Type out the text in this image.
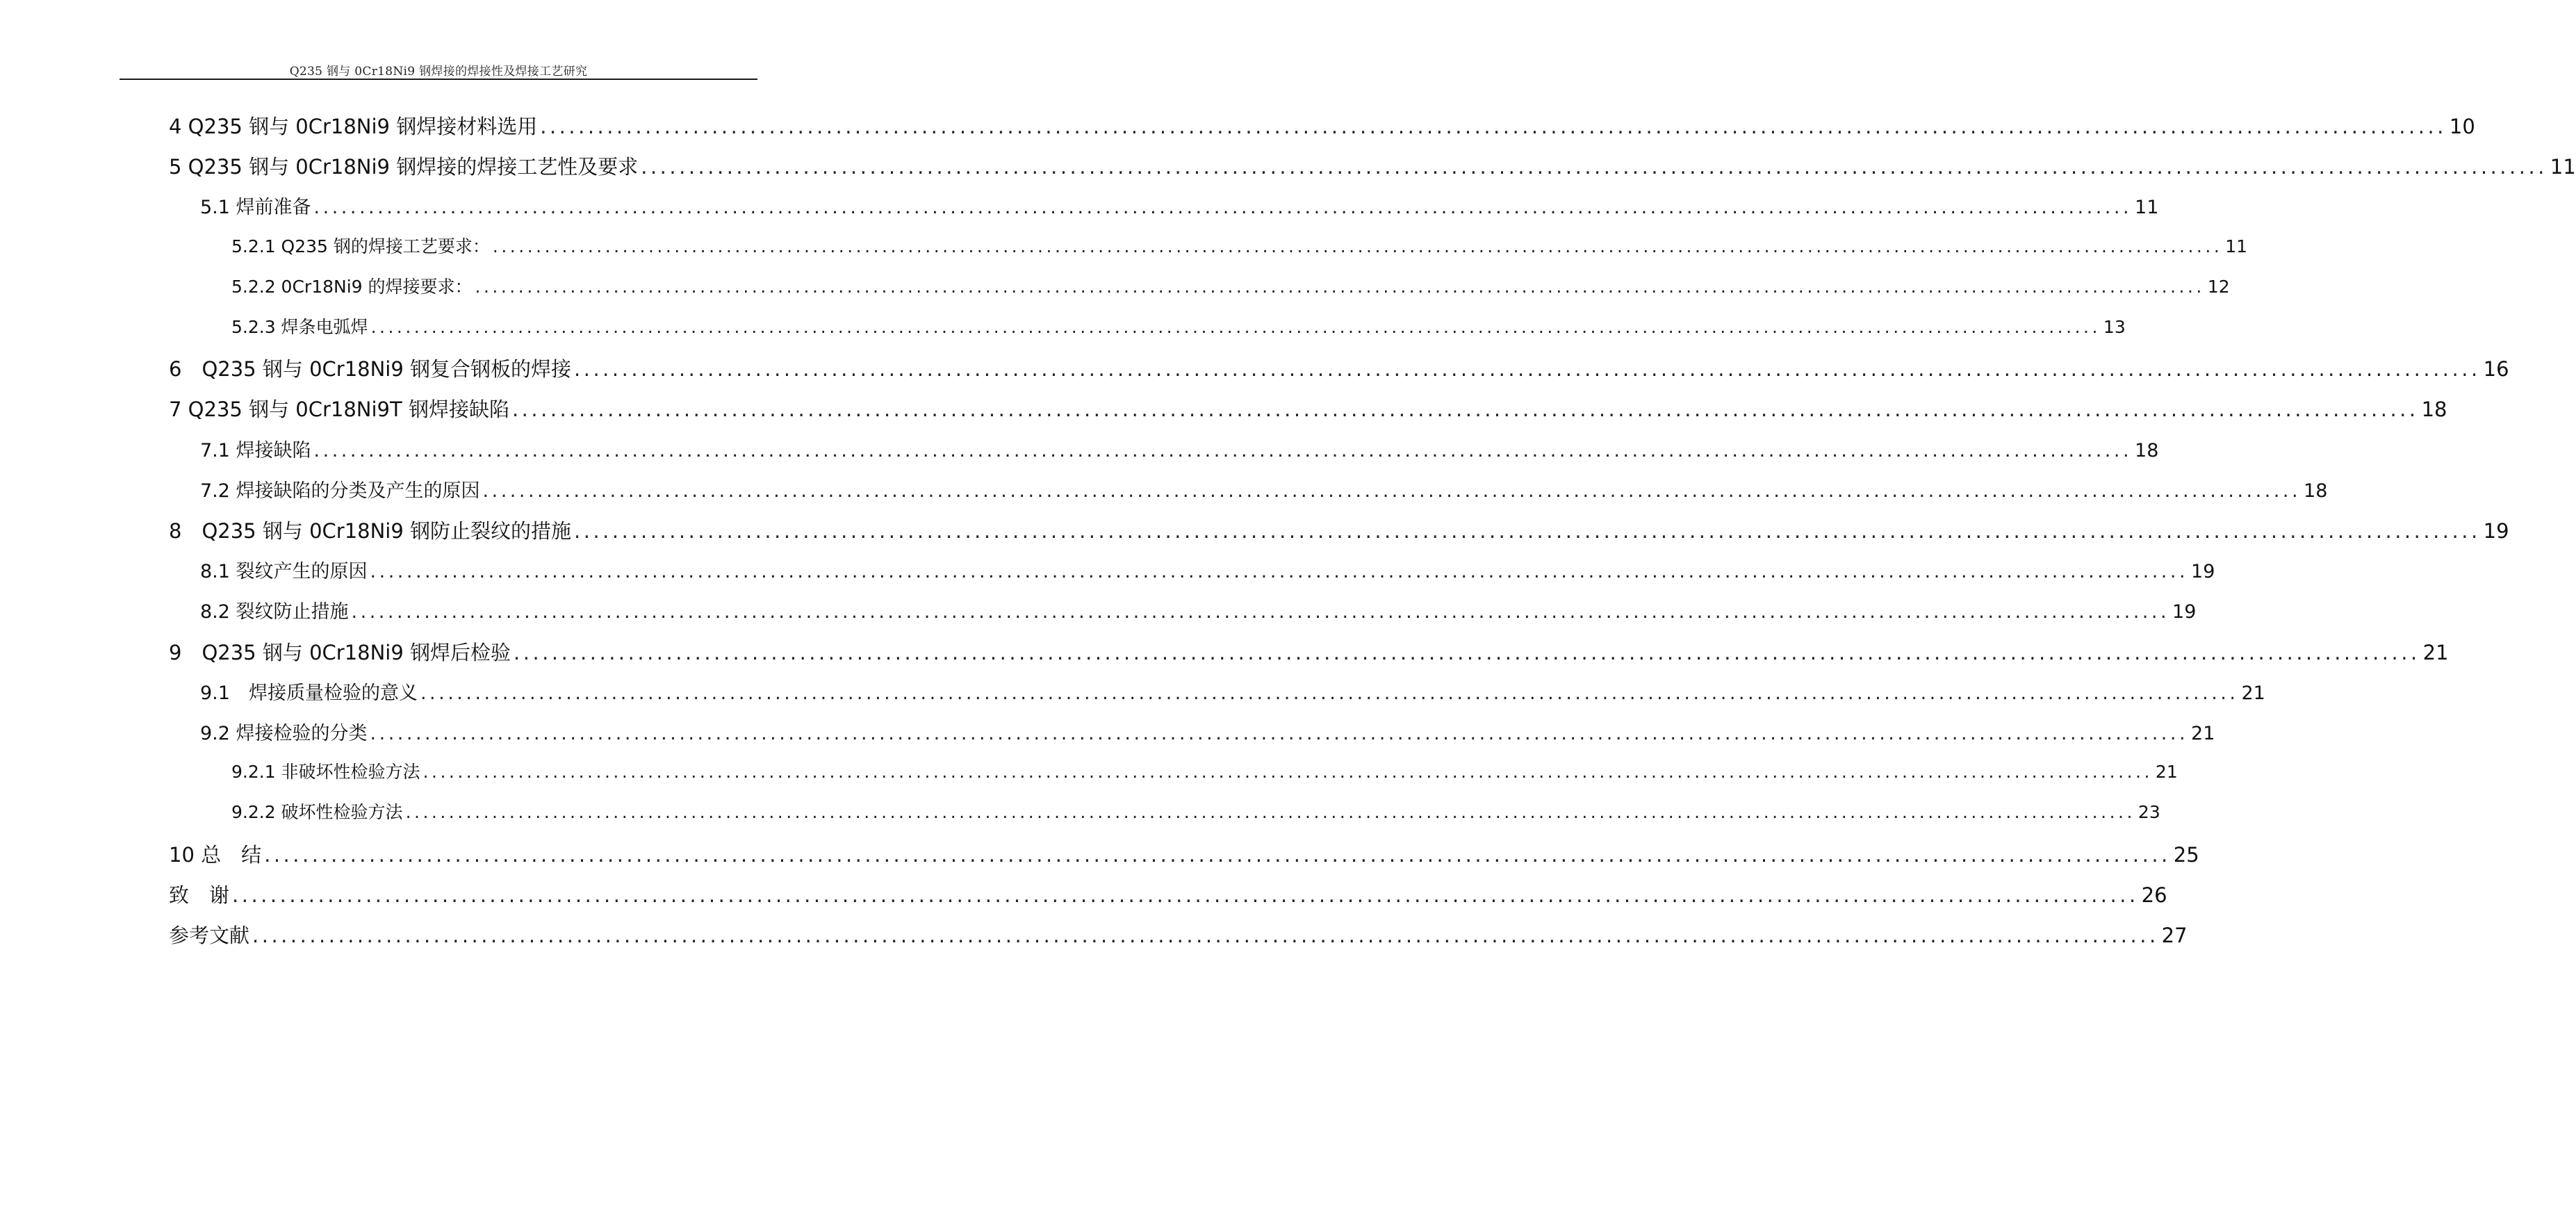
Q235 钢与 0Cr18Ni9 钢焊接的焊接性及焊接工艺研究
4 Q235 钢与 0Cr18Ni9 钢焊接材料选用 ........................................................................................................................................................................................................ 10
5 Q235 钢与 0Cr18Ni9 钢焊接的焊接工艺性及要求 ........................................................................................................................................................................................................ 11
5.1 焊前准备 ........................................................................................................................................................................................................ 11
5.2.1 Q235 钢的焊接工艺要求： ........................................................................................................................................................................................................ 11
5.2.2 0Cr18Ni9 的焊接要求： ........................................................................................................................................................................................................ 12
5.2.3 焊条电弧焊 ........................................................................................................................................................................................................ 13
6　Q235 钢与 0Cr18Ni9 钢复合钢板的焊接 ........................................................................................................................................................................................................ 16
7 Q235 钢与 0Cr18Ni9T 钢焊接缺陷 ........................................................................................................................................................................................................ 18
7.1 焊接缺陷 ........................................................................................................................................................................................................ 18
7.2 焊接缺陷的分类及产生的原因 ........................................................................................................................................................................................................ 18
8　Q235 钢与 0Cr18Ni9 钢防止裂纹的措施 ........................................................................................................................................................................................................ 19
8.1 裂纹产生的原因 ........................................................................................................................................................................................................ 19
8.2 裂纹防止措施 ........................................................................................................................................................................................................ 19
9　Q235 钢与 0Cr18Ni9 钢焊后检验 ........................................................................................................................................................................................................ 21
9.1　焊接质量检验的意义 ........................................................................................................................................................................................................ 21
9.2 焊接检验的分类 ........................................................................................................................................................................................................ 21
9.2.1 非破坏性检验方法 ........................................................................................................................................................................................................ 21
9.2.2 破坏性检验方法 ........................................................................................................................................................................................................ 23
10 总　结 ........................................................................................................................................................................................................ 25
致　谢 ........................................................................................................................................................................................................ 26
参考文献 ........................................................................................................................................................................................................ 27
